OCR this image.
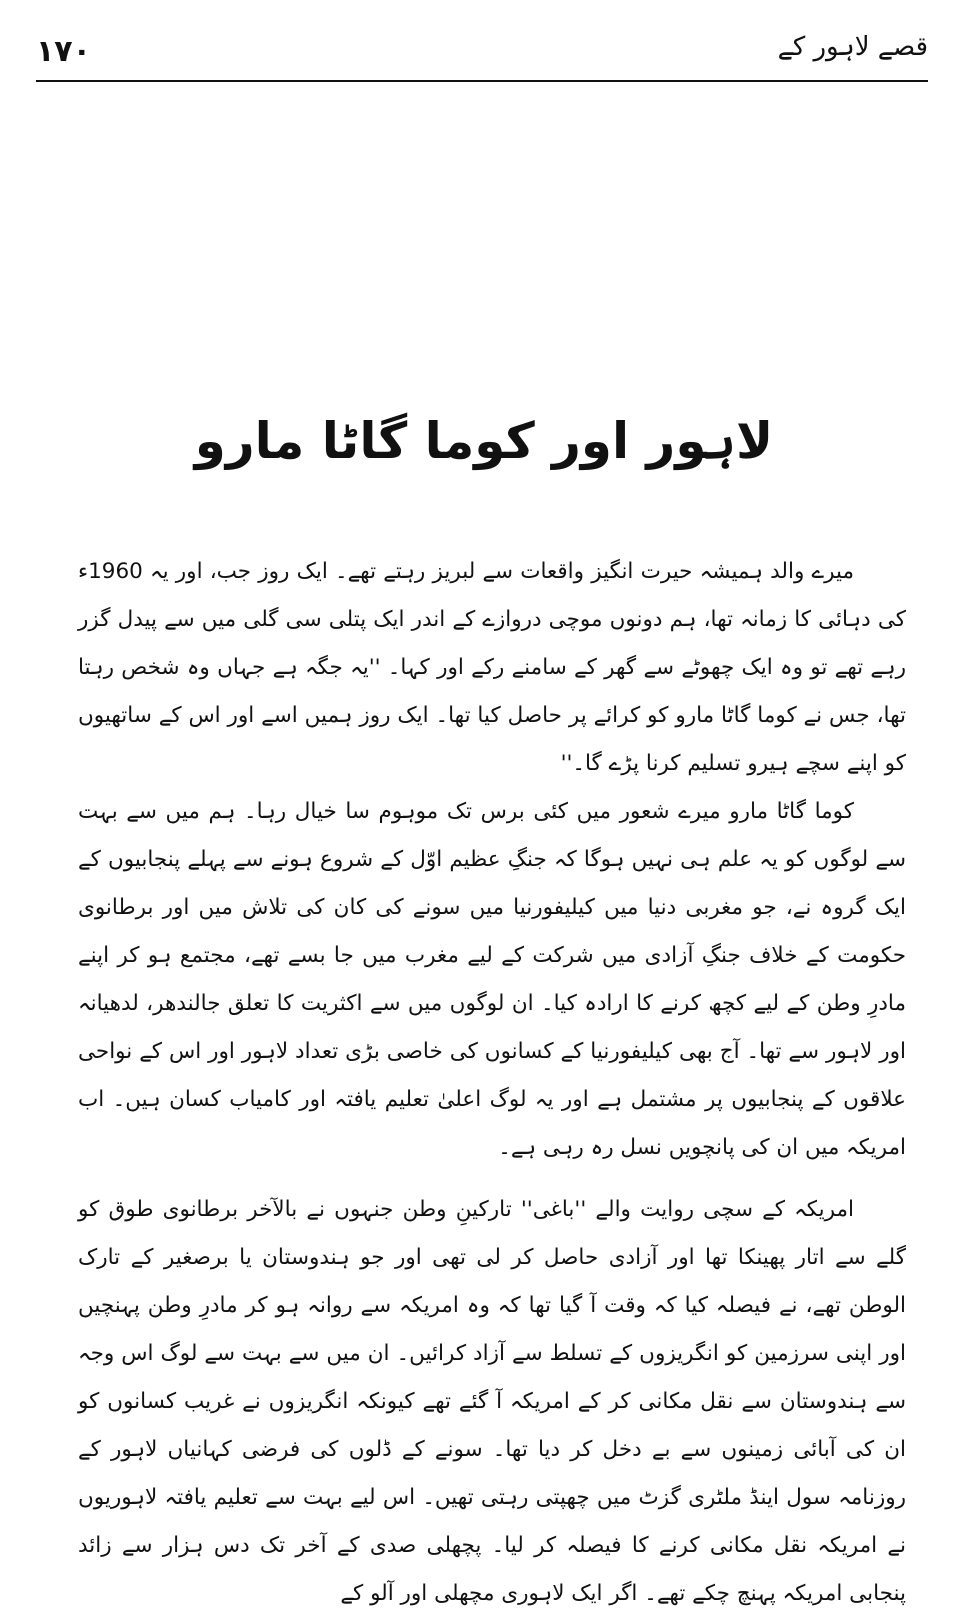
۱۷۰	قصے لاہور کے
لاہور اور کوما گاٹا مارو

میرے والد ہمیشہ حیرت انگیز واقعات سے لبریز رہتے تھے۔ ایک روز جب، اور یہ 1960ء کی دہائی کا زمانہ تھا، ہم دونوں موچی دروازے کے اندر ایک پتلی سی گلی میں سے پیدل گزر رہے تھے تو وہ ایک چھوٹے سے گھر کے سامنے رکے اور کہا۔ ''یہ جگہ ہے جہاں وہ شخص رہتا تھا، جس نے کوما گاٹا مارو کو کرائے پر حاصل کیا تھا۔ ایک روز ہمیں اسے اور اس کے ساتھیوں کو اپنے سچے ہیرو تسلیم کرنا پڑے گا۔''

کوما گاٹا مارو میرے شعور میں کئی برس تک موہوم سا خیال رہا۔ ہم میں سے بہت سے لوگوں کو یہ علم ہی نہیں ہوگا کہ جنگِ عظیم اوّل کے شروع ہونے سے پہلے پنجابیوں کے ایک گروہ نے، جو مغربی دنیا میں کیلیفورنیا میں سونے کی کان کی تلاش میں اور برطانوی حکومت کے خلاف جنگِ آزادی میں شرکت کے لیے مغرب میں جا بسے تھے، مجتمع ہو کر اپنے مادرِ وطن کے لیے کچھ کرنے کا ارادہ کیا۔ ان لوگوں میں سے اکثریت کا تعلق جالندھر، لدھیانہ اور لاہور سے تھا۔ آج بھی کیلیفورنیا کے کسانوں کی خاصی بڑی تعداد لاہور اور اس کے نواحی علاقوں کے پنجابیوں پر مشتمل ہے اور یہ لوگ اعلیٰ تعلیم یافتہ اور کامیاب کسان ہیں۔ اب امریکہ میں ان کی پانچویں نسل رہ رہی ہے۔

امریکہ کے سچی روایت والے ''باغی'' تارکینِ وطن جنہوں نے بالآخر برطانوی طوق کو گلے سے اتار پھینکا تھا اور آزادی حاصل کر لی تھی اور جو ہندوستان یا برصغیر کے تارک الوطن تھے، نے فیصلہ کیا کہ وقت آ گیا تھا کہ وہ امریکہ سے روانہ ہو کر مادرِ وطن پہنچیں اور اپنی سرزمین کو انگریزوں کے تسلط سے آزاد کرائیں۔ ان میں سے بہت سے لوگ اس وجہ سے ہندوستان سے نقل مکانی کر کے امریکہ آ گئے تھے کیونکہ انگریزوں نے غریب کسانوں کو ان کی آبائی زمینوں سے بے دخل کر دیا تھا۔ سونے کے ڈلوں کی فرضی کہانیاں لاہور کے روزنامہ سول اینڈ ملٹری گزٹ میں چھپتی رہتی تھیں۔ اس لیے بہت سے تعلیم یافتہ لاہوریوں نے امریکہ نقل مکانی کرنے کا فیصلہ کر لیا۔ پچھلی صدی کے آخر تک دس ہزار سے زائد پنجابی امریکہ پہنچ چکے تھے۔ اگر ایک لاہوری مچھلی اور آلو کے
